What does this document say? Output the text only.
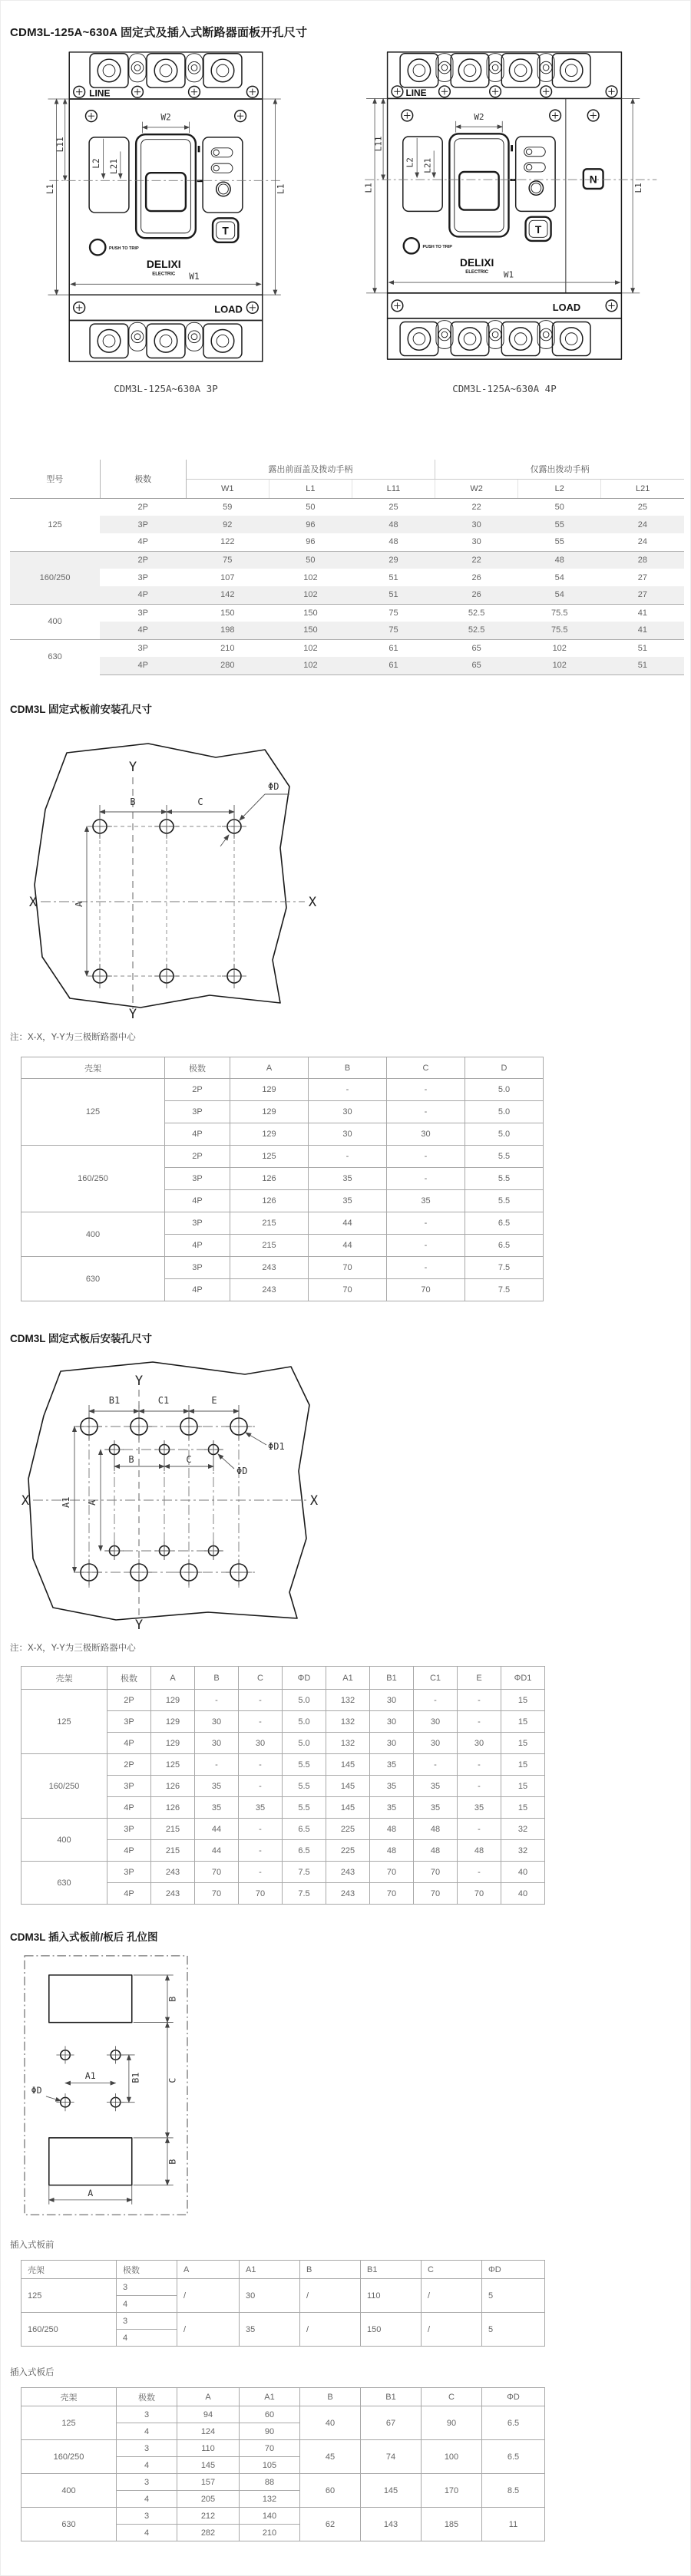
CDM3L-125A~630A 固定式及插入式断路器面板开孔尺寸
LINE
W2
L2 L21
L1
L11
L1
T
PUSH TO TRIP
DELIXI
ELECTRIC W1
LOAD
LINE
N
W2
L2 L21
L1
L11
L1
T
PUSH TO TRIP
DELIXI
ELECTRIC W1
LOAD
CDM3L-125A~630A 3P	CDM3L-125A~630A 4P
型号	极数	露出前面盖及拨动手柄			仅露出拨动手柄		
		W1	L1	L11	W2	L2	L21
125	2P	59	50	25	22	50	25
	3P	92	96	48	30	55	24
	4P	122	96	48	30	55	24
160/250	2P	75	50	29	22	48	28
	3P	107	102	51	26	54	27
	4P	142	102	51	26	54	27
400	3P	150	150	75	52.5	75.5	41
	4P	198	150	75	52.5	75.5	41
630	3P	210	102	61	65	102	51
	4P	280	102	61	65	102	51
CDM3L 固定式板前安装孔尺寸
A
B	C
ΦD
X	X
Y
Y
注：X-X，Y-Y为三极断路器中心
壳架	极数	A	B	C	D
125	2P	129	-	-	5.0
	3P	129	30	-	5.0
	4P	129	30	30	5.0
160/250	2P	125	-	-	5.5
	3P	126	35	-	5.5
	4P	126	35	35	5.5
400	3P	215	44	-	6.5
	4P	215	44	-	6.5
630	3P	243	70	-	7.5
	4P	243	70	70	7.5
CDM3L 固定式板后安装孔尺寸
B1	C1	E
B	C
A1 A
ΦD1
ΦD
X	X
Y
Y
注：X-X，Y-Y为三极断路器中心
壳架	极数	A	B	C	ΦD	A1	B1	C1	E	ΦD1
125	2P	129	-	-	5.0	132	30	-	-	15
	3P	129	30	-	5.0	132	30	30	-	15
	4P	129	30	30	5.0	132	30	30	30	15
160/250	2P	125	-	-	5.5	145	35	-	-	15
	3P	126	35	-	5.5	145	35	35	-	15
	4P	126	35	35	5.5	145	35	35	35	15
400	3P	215	44	-	6.5	225	48	48	-	32
	4P	215	44	-	6.5	225	48	48	48	32
630	3P	243	70	-	7.5	243	70	70	-	40
	4P	243	70	70	7.5	243	70	70	70	40
CDM3L 插入式板前/板后 孔位图
A1	B1
B
C
B
ΦD
A
插入式板前
壳架	极数	A	A1	B	B1	C	ΦD
125	3	/	30	/	110	/	5
	4						
160/250	3	/	35	/	150	/	5
	4						
插入式板后
壳架	极数	A	A1	B	B1	C	ΦD
125	3	94	60	40	67	90	6.5
	4	124	90				
160/250	3	110	70	45	74	100	6.5
	4	145	105				
400	3	157	88	60	145	170	8.5
	4	205	132				
630	3	212	140	62	143	185	11
	4	282	210				
